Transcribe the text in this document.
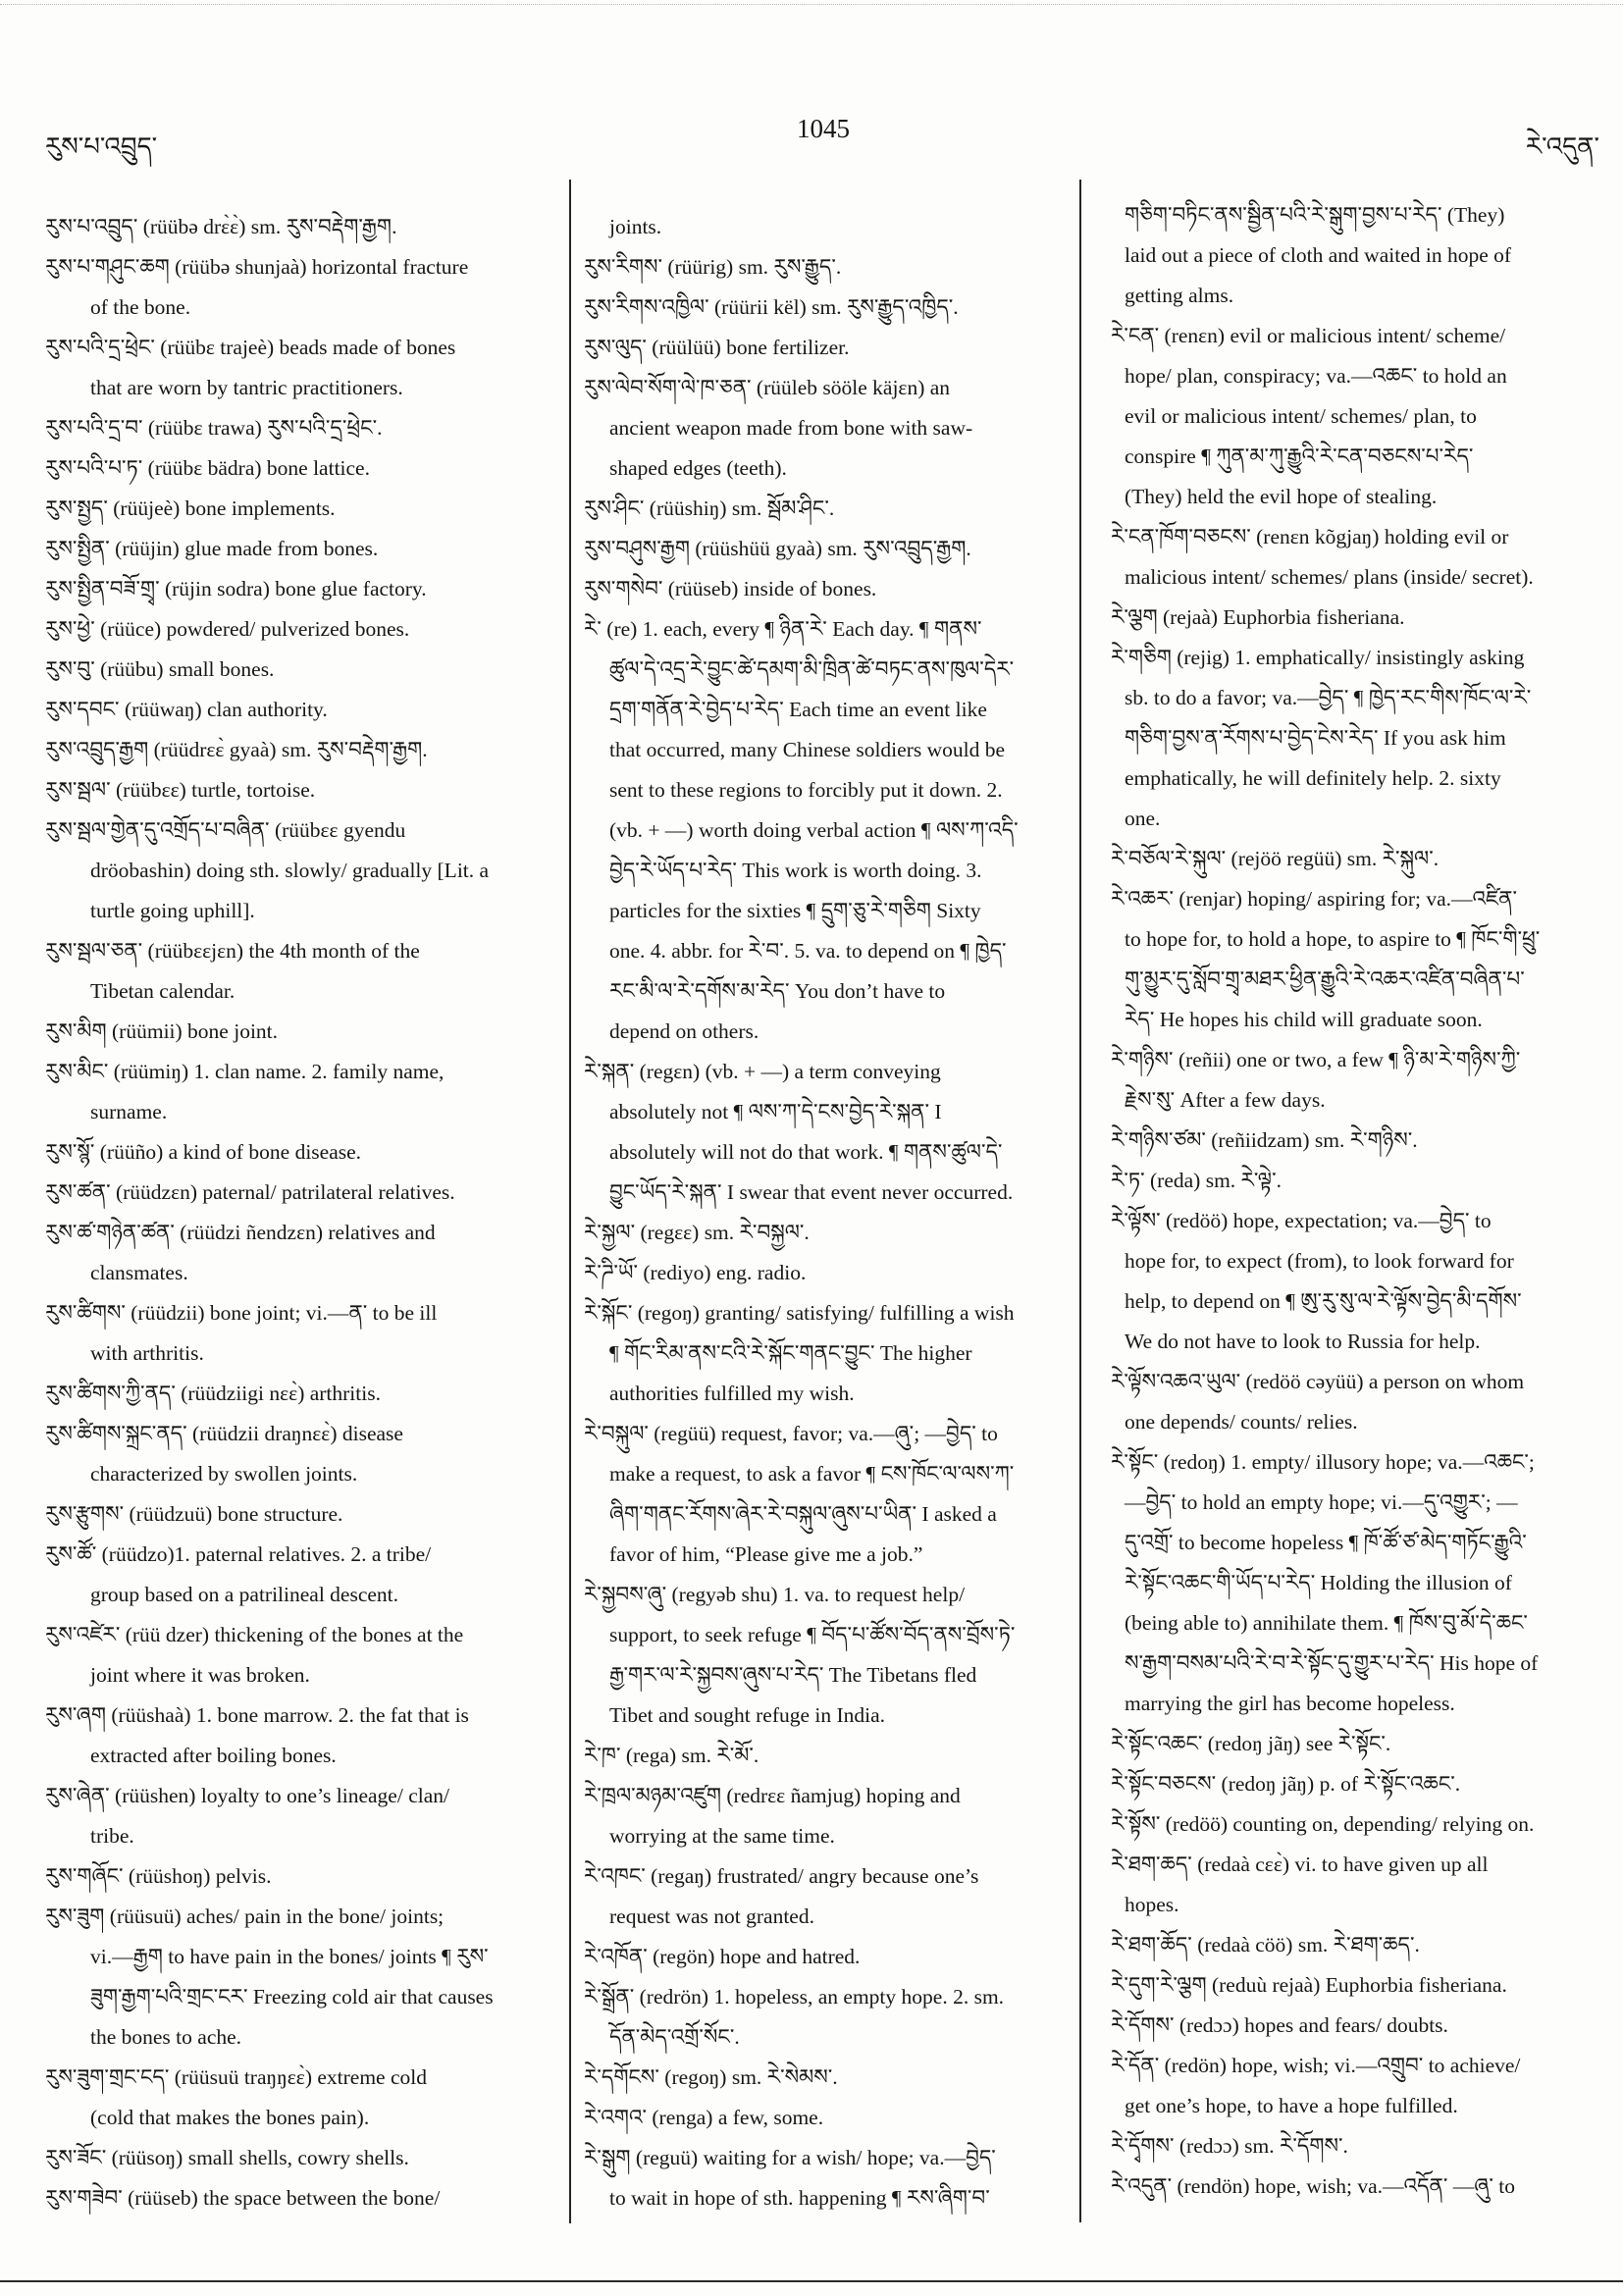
རུས་པ་འབྲུད་
1045
རེ་འདུན་
རུས་པ་འབྲུད་ (rüübə drɛ̀ɛ̀) sm. རུས་བརྡེག་རྒྱག.
རུས་པ་གཤུང་ཆག (rüübə shunjaà) horizontal fracture
of the bone.
རུས་པའི་དྲ་ཕྲེང་ (rüübɛ trajeè) beads made of bones
that are worn by tantric practitioners.
རུས་པའི་དྲ་བ་ (rüübɛ trawa) རུས་པའི་དྲ་ཕྲེང་.
རུས་པའི་པ་ཏ་ (rüübɛ bädra) bone lattice.
རུས་སྤྱད་ (rüüjeè) bone implements.
རུས་སྤྱིན་ (rüüjin) glue made from bones.
རུས་སྤྱིན་བཟོ་གྲྭ་ (rüjin sodra) bone glue factory.
རུས་ཕྱེ་ (rüüce) powdered/ pulverized bones.
རུས་བུ་ (rüübu) small bones.
རུས་དབང་ (rüüwaŋ) clan authority.
རུས་འབྲུད་རྒྱག (rüüdrɛɛ̀ gyaà) sm. རུས་བརྡེག་རྒྱག.
རུས་སྦལ་ (rüübɛɛ) turtle, tortoise.
རུས་སྦལ་གྱེན་དུ་འགྲོད་པ་བཞིན་ (rüübɛɛ gyendu
dröobashin) doing sth. slowly/ gradually [Lit. a
turtle going uphill].
རུས་སྦལ་ཅན་ (rüübɛɛjɛn) the 4th month of the
Tibetan calendar.
རུས་མིག (rüümii) bone joint.
རུས་མིང་ (rüümiŋ) 1. clan name. 2. family name,
surname.
རུས་སྙོ་ (rüüño) a kind of bone disease.
རུས་ཚན་ (rüüdzɛn) paternal/ patrilateral relatives.
རུས་ཚ་གཉེན་ཚན་ (rüüdzi ñendzɛn) relatives and
clansmates.
རུས་ཚིགས་ (rüüdzii) bone joint; vi.—ན་ to be ill
with arthritis.
རུས་ཚིགས་ཀྱི་ནད་ (rüüdziigi nɛɛ̀) arthritis.
རུས་ཚིགས་སྐྲང་ནད་ (rüüdzii draŋnɛɛ̀) disease
characterized by swollen joints.
རུས་རྩུགས་ (rüüdzuü) bone structure.
རུས་ཚོ་ (rüüdzo)1. paternal relatives. 2. a tribe/
group based on a patrilineal descent.
རུས་འཛེར་ (rüü dzer) thickening of the bones at the
joint where it was broken.
རུས་ཞག (rüüshaà) 1. bone marrow. 2. the fat that is
extracted after boiling bones.
རུས་ཞེན་ (rüüshen) loyalty to one’s lineage/ clan/
tribe.
རུས་གཞོང་ (rüüshoŋ) pelvis.
རུས་ཟུག (rüüsuü) aches/ pain in the bone/ joints;
vi.—རྒྱག to have pain in the bones/ joints ¶ རུས་
ཟུག་རྒྱག་པའི་གྲང་ངར་ Freezing cold air that causes
the bones to ache.
རུས་ཟུག་གྲང་ངད་ (rüüsuü traŋŋɛɛ̀) extreme cold
(cold that makes the bones pain).
རུས་ཟོང་ (rüüsoŋ) small shells, cowry shells.
རུས་གཟེབ་ (rüüseb) the space between the bone/
joints.
རུས་རིགས་ (rüürig) sm. རུས་རྒྱུད་.
རུས་རིགས་འཁྱིལ་ (rüürii kël) sm. རུས་རྒྱུད་འཁྱིད་.
རུས་ལུད་ (rüülüü) bone fertilizer.
རུས་ལེབ་སོག་ལེ་ཁ་ཅན་ (rüüleb sööle käjɛn) an
ancient weapon made from bone with saw-
shaped edges (teeth).
རུས་ཤིང་ (rüüshiŋ) sm. སྦོམ་ཤིང་.
རུས་བཤུས་རྒྱག (rüüshüü gyaà) sm. རུས་འབྲུད་རྒྱག.
རུས་གསེབ་ (rüüseb) inside of bones.
རེ་ (re) 1. each, every ¶ ཉིན་རེ་ Each day. ¶ གནས་
ཚུལ་དེ་འདྲ་རེ་བྱུང་ཚེ་དམག་མི་ཁྲིན་ཚེ་བཏང་ནས་ཁུལ་དེར་
དྲག་གནོན་རེ་བྱེད་པ་རེད་ Each time an event like
that occurred, many Chinese soldiers would be
sent to these regions to forcibly put it down. 2.
(vb. + —) worth doing verbal action ¶ ལས་ཀ་འདི་
བྱེད་རེ་ཡོད་པ་རེད་ This work is worth doing. 3.
particles for the sixties ¶ དྲུག་ཅུ་རེ་གཅིག Sixty
one. 4. abbr. for རེ་བ་. 5. va. to depend on ¶ ཁྱེད་
རང་མི་ལ་རེ་དགོས་མ་རེད་ You don’t have to
depend on others.
རེ་སྐན་ (regɛn) (vb. + —) a term conveying
absolutely not ¶ ལས་ཀ་དེ་ངས་བྱེད་རེ་སྐན་ I
absolutely will not do that work. ¶ གནས་ཚུལ་དེ་
བྱུང་ཡོད་རེ་སྐན་ I swear that event never occurred.
རེ་སྐྱལ་ (regɛɛ) sm. རེ་བསྐྱལ་.
རེ་ཌི་ཡོ་ (rediyo) eng. radio.
རེ་སྐོང་ (regoŋ) granting/ satisfying/ fulfilling a wish
¶ གོང་རིམ་ནས་ངའི་རེ་སྐོང་གནང་བྱུང་ The higher
authorities fulfilled my wish.
རེ་བསྐུལ་ (regüü) request, favor; va.—ཞུ་; —བྱེད་ to
make a request, to ask a favor ¶ ངས་ཁོང་ལ་ལས་ཀ་
ཞིག་གནང་རོགས་ཞེར་རེ་བསྐུལ་ཞུས་པ་ཡིན་ I asked a
favor of him, “Please give me a job.”
རེ་སྐྱབས་ཞུ་ (regyəb shu) 1. va. to request help/
support, to seek refuge ¶ བོད་པ་ཚོས་བོད་ནས་བྲོས་ཏེ་
རྒྱ་གར་ལ་རེ་སྐྱབས་ཞུས་པ་རེད་ The Tibetans fled
Tibet and sought refuge in India.
རེ་ཁ་ (rega) sm. རེ་མོ་.
རེ་ཁྲལ་མཉམ་འཛུག (redrɛɛ ñamjug) hoping and
worrying at the same time.
རེ་འཁང་ (regaŋ) frustrated/ angry because one’s
request was not granted.
རེ་འཁོན་ (regön) hope and hatred.
རེ་སྒྲོན་ (redrön) 1. hopeless, an empty hope. 2. sm.
དོན་མེད་འགྲོ་སོང་.
རེ་དགོངས་ (regoŋ) sm. རེ་སེམས་.
རེ་འགའ་ (renga) a few, some.
རེ་སྒུག (reguü) waiting for a wish/ hope; va.—བྱེད་
to wait in hope of sth. happening ¶ རས་ཞིག་བ་
གཅིག་བཏིང་ནས་སྦྱིན་པའི་རེ་སྒུག་བྱས་པ་རེད་ (They)
laid out a piece of cloth and waited in hope of
getting alms.
རེ་ངན་ (renɛn) evil or malicious intent/ scheme/
hope/ plan, conspiracy; va.—འཆང་ to hold an
evil or malicious intent/ schemes/ plan, to
conspire ¶ ཀུན་མ་ཀུ་རྒྱུའི་རེ་ངན་བཅངས་པ་རེད་
(They) held the evil hope of stealing.
རེ་ངན་ཁོག་བཅངས་ (renɛn kõgjaŋ) holding evil or
malicious intent/ schemes/ plans (inside/ secret).
རེ་ལྕག (rejaà) Euphorbia fisheriana.
རེ་གཅིག (rejig) 1. emphatically/ insistingly asking
sb. to do a favor; va.—བྱེད་ ¶ ཁྱེད་རང་གིས་ཁོང་ལ་རེ་
གཅིག་བྱས་ན་རོགས་པ་བྱེད་ངེས་རེད་ If you ask him
emphatically, he will definitely help. 2. sixty
one.
རེ་བཅོལ་རེ་སྐུལ་ (rejöö regüü) sm. རེ་སྐུལ་.
རེ་འཆར་ (renjar) hoping/ aspiring for; va.—འཛིན་
to hope for, to hold a hope, to aspire to ¶ ཁོང་གི་ཕྲུ་
གུ་མྱུར་དུ་སློབ་གྲྭ་མཐར་ཕྱིན་རྒྱུའི་རེ་འཆར་འཛིན་བཞིན་པ་
རེད་ He hopes his child will graduate soon.
རེ་གཉིས་ (reñii) one or two, a few ¶ ཉི་མ་རེ་གཉིས་ཀྱི་
རྗེས་སུ་ After a few days.
རེ་གཉིས་ཙམ་ (reñiidzam) sm. རེ་གཉིས་.
རེ་ཏ་ (reda) sm. རེ་ལྟེ་.
རེ་ལྟོས་ (redöö) hope, expectation; va.—བྱེད་ to
hope for, to expect (from), to look forward for
help, to depend on ¶ ཨུ་རུ་སུ་ལ་རེ་ལྟོས་བྱེད་མི་དགོས་
We do not have to look to Russia for help.
རེ་ལྟོས་འཆའ་ཡུལ་ (redöö cəyüü) a person on whom
one depends/ counts/ relies.
རེ་སྟོང་ (redoŋ) 1. empty/ illusory hope; va.—འཆང་;
—བྱེད་ to hold an empty hope; vi.—དུ་འགྱུར་; —
དུ་འགྲོ་ to become hopeless ¶ ཁོ་ཚོ་ཙ་མེད་གཏོང་རྒྱུའི་
རེ་སྟོང་འཆང་གི་ཡོད་པ་རེད་ Holding the illusion of
(being able to) annihilate them. ¶ ཁོས་བུ་མོ་དེ་ཆང་
ས་རྒྱག་བསམ་པའི་རེ་བ་རེ་སྟོང་དུ་གྱུར་པ་རེད་ His hope of
marrying the girl has become hopeless.
རེ་སྟོང་འཆང་ (redoŋ jãŋ) see རེ་སྟོང་.
རེ་སྟོང་བཅངས་ (redoŋ jãŋ) p. of རེ་སྟོང་འཆང་.
རེ་སྟོས་ (redöö) counting on, depending/ relying on.
རེ་ཐག་ཆད་ (redaà cɛɛ̀) vi. to have given up all
hopes.
རེ་ཐག་ཆོད་ (redaà cöö) sm. རེ་ཐག་ཆད་.
རེ་དུག་རེ་ལྕག (reduù rejaà) Euphorbia fisheriana.
རེ་དོགས་ (redɔɔ) hopes and fears/ doubts.
རེ་དོན་ (redön) hope, wish; vi.—འགྲུབ་ to achieve/
get one’s hope, to have a hope fulfilled.
རེ་དྭོགས་ (redɔɔ) sm. རེ་དོགས་.
རེ་འདུན་ (rendön) hope, wish; va.—འདོན་ —ཞུ་ to
